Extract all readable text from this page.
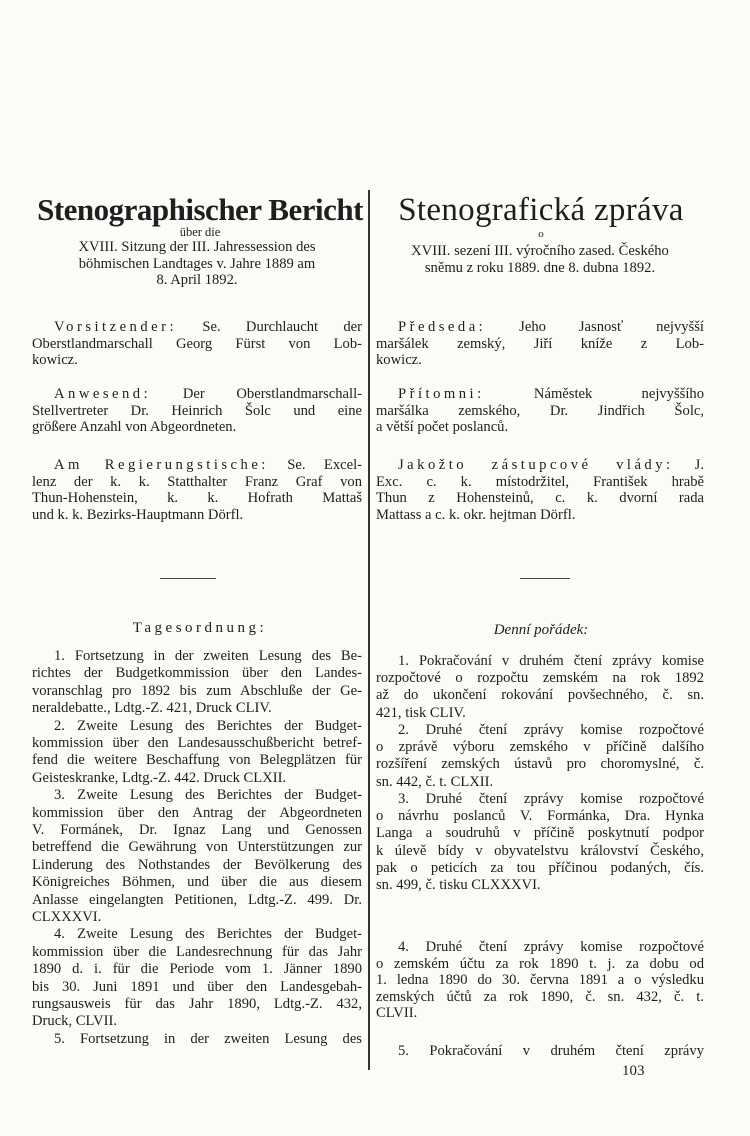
Stenographischer Bericht
über die
Stenografická zpráva
o
Tagesordnung:	Denní pořádek:
103
XVIII. Sitzung der III. Jahressession des
böhmischen Landtages v. Jahre 1889 am
8. April 1892.
Vorsitzender: Se. Durchlaucht der
Oberstlandmarschall Georg Fürst von Lob-
kowicz.
Anwesend: Der Oberstlandmarschall-
Stellvertreter Dr. Heinrich Šolc und eine
größere Anzahl von Abgeordneten.
Am Regierungstische: Se. Excel-
lenz der k. k. Statthalter Franz Graf von
Thun-Hohenstein, k. k. Hofrath Mattaš
und k. k. Bezirks-Hauptmann Dörfl.
1. Fortsetzung in der zweiten Lesung des Be-
richtes der Budgetkommission über den Landes-
voranschlag pro 1892 bis zum Abschluße der Ge-
neraldebatte., Ldtg.-Z. 421, Druck CLIV.
2. Zweite Lesung des Berichtes der Budget-
kommission über den Landesausschußbericht betref-
fend die weitere Beschaffung von Belegplätzen für
Geisteskranke, Ldtg.-Z. 442. Druck CLXII.
3. Zweite Lesung des Berichtes der Budget-
kommission über den Antrag der Abgeordneten
V. Formánek, Dr. Ignaz Lang und Genossen
betreffend die Gewährung von Unterstützungen zur
Linderung des Nothstandes der Bevölkerung des
Königreiches Böhmen, und über die aus diesem
Anlasse eingelangten Petitionen, Ldtg.-Z. 499. Dr.
CLXXXVI.
4. Zweite Lesung des Berichtes der Budget-
kommission über die Landesrechnung für das Jahr
1890 d. i. für die Periode vom 1. Jänner 1890
bis 30. Juni 1891 und über den Landesgebah-
rungsausweis für das Jahr 1890, Ldtg.-Z. 432,
Druck, CLVII.
5. Fortsetzung in der zweiten Lesung des
XVIII. sezení III. výročního zased. Českého
sněmu z roku 1889. dne 8. dubna 1892.
Předseda: Jeho Jasnosť nejvyšší
maršálek zemský, Jiří kníže z Lob-
kowicz.
Přítomni: Náměstek nejvyššího
maršálka zemského, Dr. Jindřich Šolc,
a větší počet poslanců.
Jakožto zástupcové vlády: J.
Exc. c. k. místodržitel, František hrabě
Thun z Hohensteinů, c. k. dvorní rada
Mattass a c. k. okr. hejtman Dörfl.
1. Pokračování v druhém čtení zprávy komise
rozpočtové o rozpočtu zemském na rok 1892
až do ukončení rokování povšechného, č. sn.
421, tisk CLIV.
2. Druhé čtení zprávy komise rozpočtové
o zprávě výboru zemského v příčině dalšího
rozšíření zemských ústavů pro choromyslné, č.
sn. 442, č. t. CLXII.
3. Druhé čtení zprávy komise rozpočtové
o návrhu poslanců V. Formánka, Dra. Hynka
Langa a soudruhů v příčině poskytnutí podpor
k úlevě bídy v obyvatelstvu království Českého,
pak o peticích za tou příčinou podaných, čís.
sn. 499, č. tisku CLXXXVI.
4. Druhé čtení zprávy komise rozpočtové
o zemském účtu za rok 1890 t. j. za dobu od
1. ledna 1890 do 30. června 1891 a o výsledku
zemských účtů za rok 1890, č. sn. 432, č. t.
CLVII.
5. Pokračování v druhém čtení zprávy
